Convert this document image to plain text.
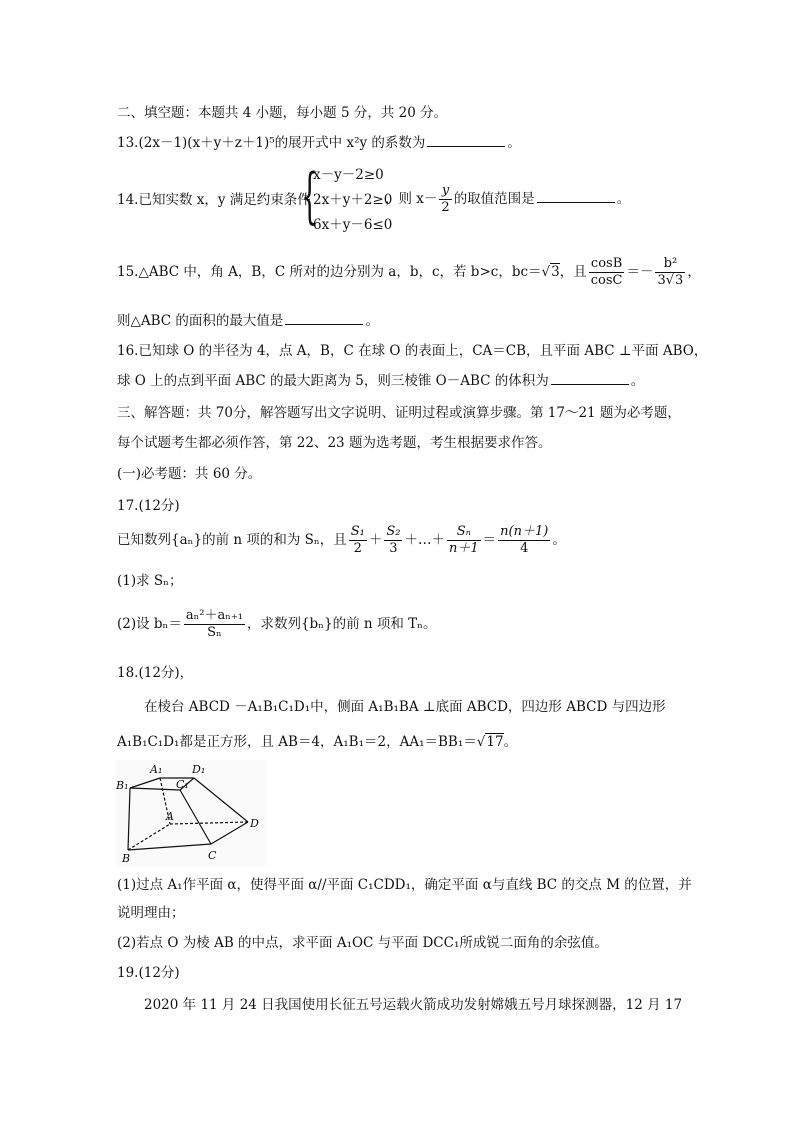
二、填空题：本题共 4 小题，每小题 5 分，共 20 分。
13.(2x－1)(x＋y＋z＋1)⁵的展开式中 x²y 的系数为	。
14.已知实数 x，y 满足约束条件
{
x－y－2≥0
2x＋y＋2≥0
6x＋y－6≤0
，则 $x- \frac{y}{2}$ 的取值范围是	。
15.△ABC 中，角 A，B，C 所对的边分别为 a，b，c，若 b>c，bc＝√3，且 $\frac{\cos B}{\cos C} =- \frac{\text{b²}}{3√3}$ ，
则△ABC 的面积的最大值是	。
16.已知球 O 的半径为 4，点 A，B，C 在球 O 的表面上，CA＝CB，且平面 ABC ⊥平面 ABO，
球 O 上的点到平面 ABC 的最大距离为 5，则三棱锥 O－ABC 的体积为	。
三、解答题：共 70分，解答题写出文字说明、证明过程或演算步骤。第 17～21 题为必考题，
每个试题考生都必须作答，第 22、23 题为选考题，考生根据要求作答。
(一)必考题：共 60 分。
17.(12分)
已知数列{aₙ}的前 n 项的和为 Sₙ，且 $\frac{\text{S₁}}{2} + \frac{\text{S₂}}{3}$ ＋…＋ $\frac{\text{Sₙ}}{n+1} = \frac{n(n+1)}{4}$ 。
(1)求 Sₙ；
(2)设 $b_n= \frac{\text{aₙ²＋aₙ₊₁}}{\text{Sₙ}}$ ，求数列{bₙ}的前 n 项和 Tₙ。
18.(12分)，
在棱台 ABCD －A₁B₁C₁D₁中，侧面 A₁B₁BA ⊥底面 ABCD，四边形 ABCD 与四边形
A₁B₁C₁D₁都是正方形，且 AB＝4，A₁B₁＝2，AA₁＝BB₁＝√17。
A₁	D₁
B₁	C₁
A
D
B	C
(1)过点 A₁作平面 α，使得平面 α//平面 C₁CDD₁，确定平面 α与直线 BC 的交点 M 的位置，并
说明理由；
(2)若点 O 为棱 AB 的中点，求平面 A₁OC 与平面 DCC₁所成锐二面角的余弦值。
19.(12分)
2020 年 11 月 24 日我国使用长征五号运载火箭成功发射嫦娥五号月球探测器，12 月 17
